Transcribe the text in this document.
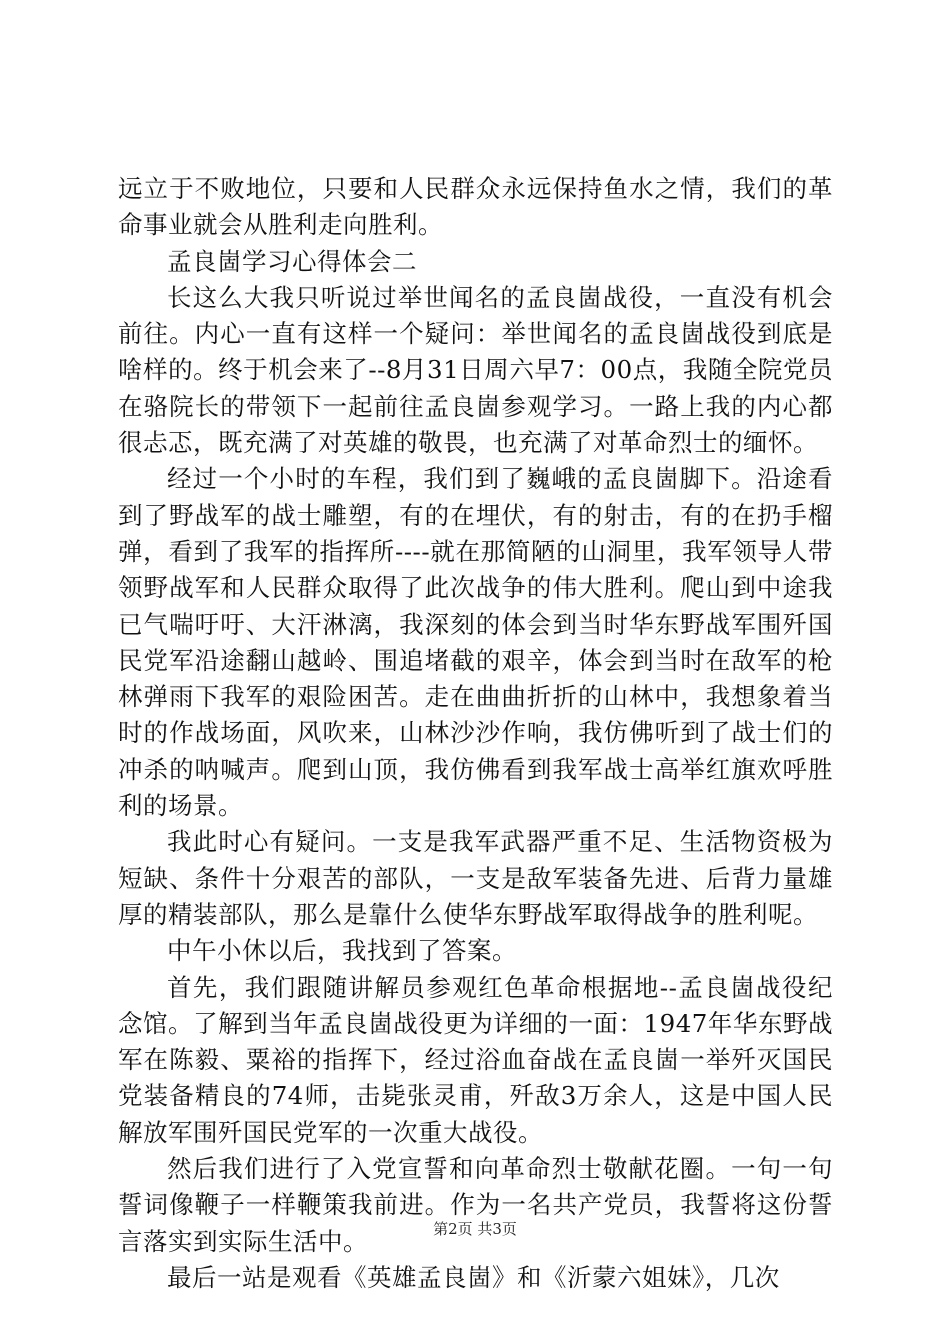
远立于不败地位，只要和人民群众永远保持鱼水之情，我们的革命事业就会从胜利走向胜利。

孟良崮学习心得体会二

长这么大我只听说过举世闻名的孟良崮战役，一直没有机会前往。内心一直有这样一个疑问：举世闻名的孟良崮战役到底是啥样的。终于机会来了--8月31日周六早7：00点，我随全院党员在骆院长的带领下一起前往孟良崮参观学习。一路上我的内心都很忐忑，既充满了对英雄的敬畏，也充满了对革命烈士的缅怀。

经过一个小时的车程，我们到了巍峨的孟良崮脚下。沿途看到了野战军的战士雕塑，有的在埋伏，有的射击，有的在扔手榴弹，看到了我军的指挥所----就在那简陋的山洞里，我军领导人带领野战军和人民群众取得了此次战争的伟大胜利。爬山到中途我已气喘吁吁、大汗淋漓，我深刻的体会到当时华东野战军围歼国民党军沿途翻山越岭、围追堵截的艰辛，体会到当时在敌军的枪林弹雨下我军的艰险困苦。走在曲曲折折的山林中，我想象着当时的作战场面，风吹来，山林沙沙作响，我仿佛听到了战士们的冲杀的呐喊声。爬到山顶，我仿佛看到我军战士高举红旗欢呼胜利的场景。

我此时心有疑问。一支是我军武器严重不足、生活物资极为短缺、条件十分艰苦的部队，一支是敌军装备先进、后背力量雄厚的精装部队，那么是靠什么使华东野战军取得战争的胜利呢。

中午小休以后，我找到了答案。

首先，我们跟随讲解员参观红色革命根据地--孟良崮战役纪念馆。了解到当年孟良崮战役更为详细的一面：1947年华东野战军在陈毅、粟裕的指挥下，经过浴血奋战在孟良崮一举歼灭国民党装备精良的74师，击毙张灵甫，歼敌3万余人，这是中国人民解放军围歼国民党军的一次重大战役。

然后我们进行了入党宣誓和向革命烈士敬献花圈。一句一句誓词像鞭子一样鞭策我前进。作为一名共产党员，我誓将这份誓言落实到实际生活中。

最后一站是观看《英雄孟良崮》和《沂蒙六姐妹》，几次

第2页 共3页
